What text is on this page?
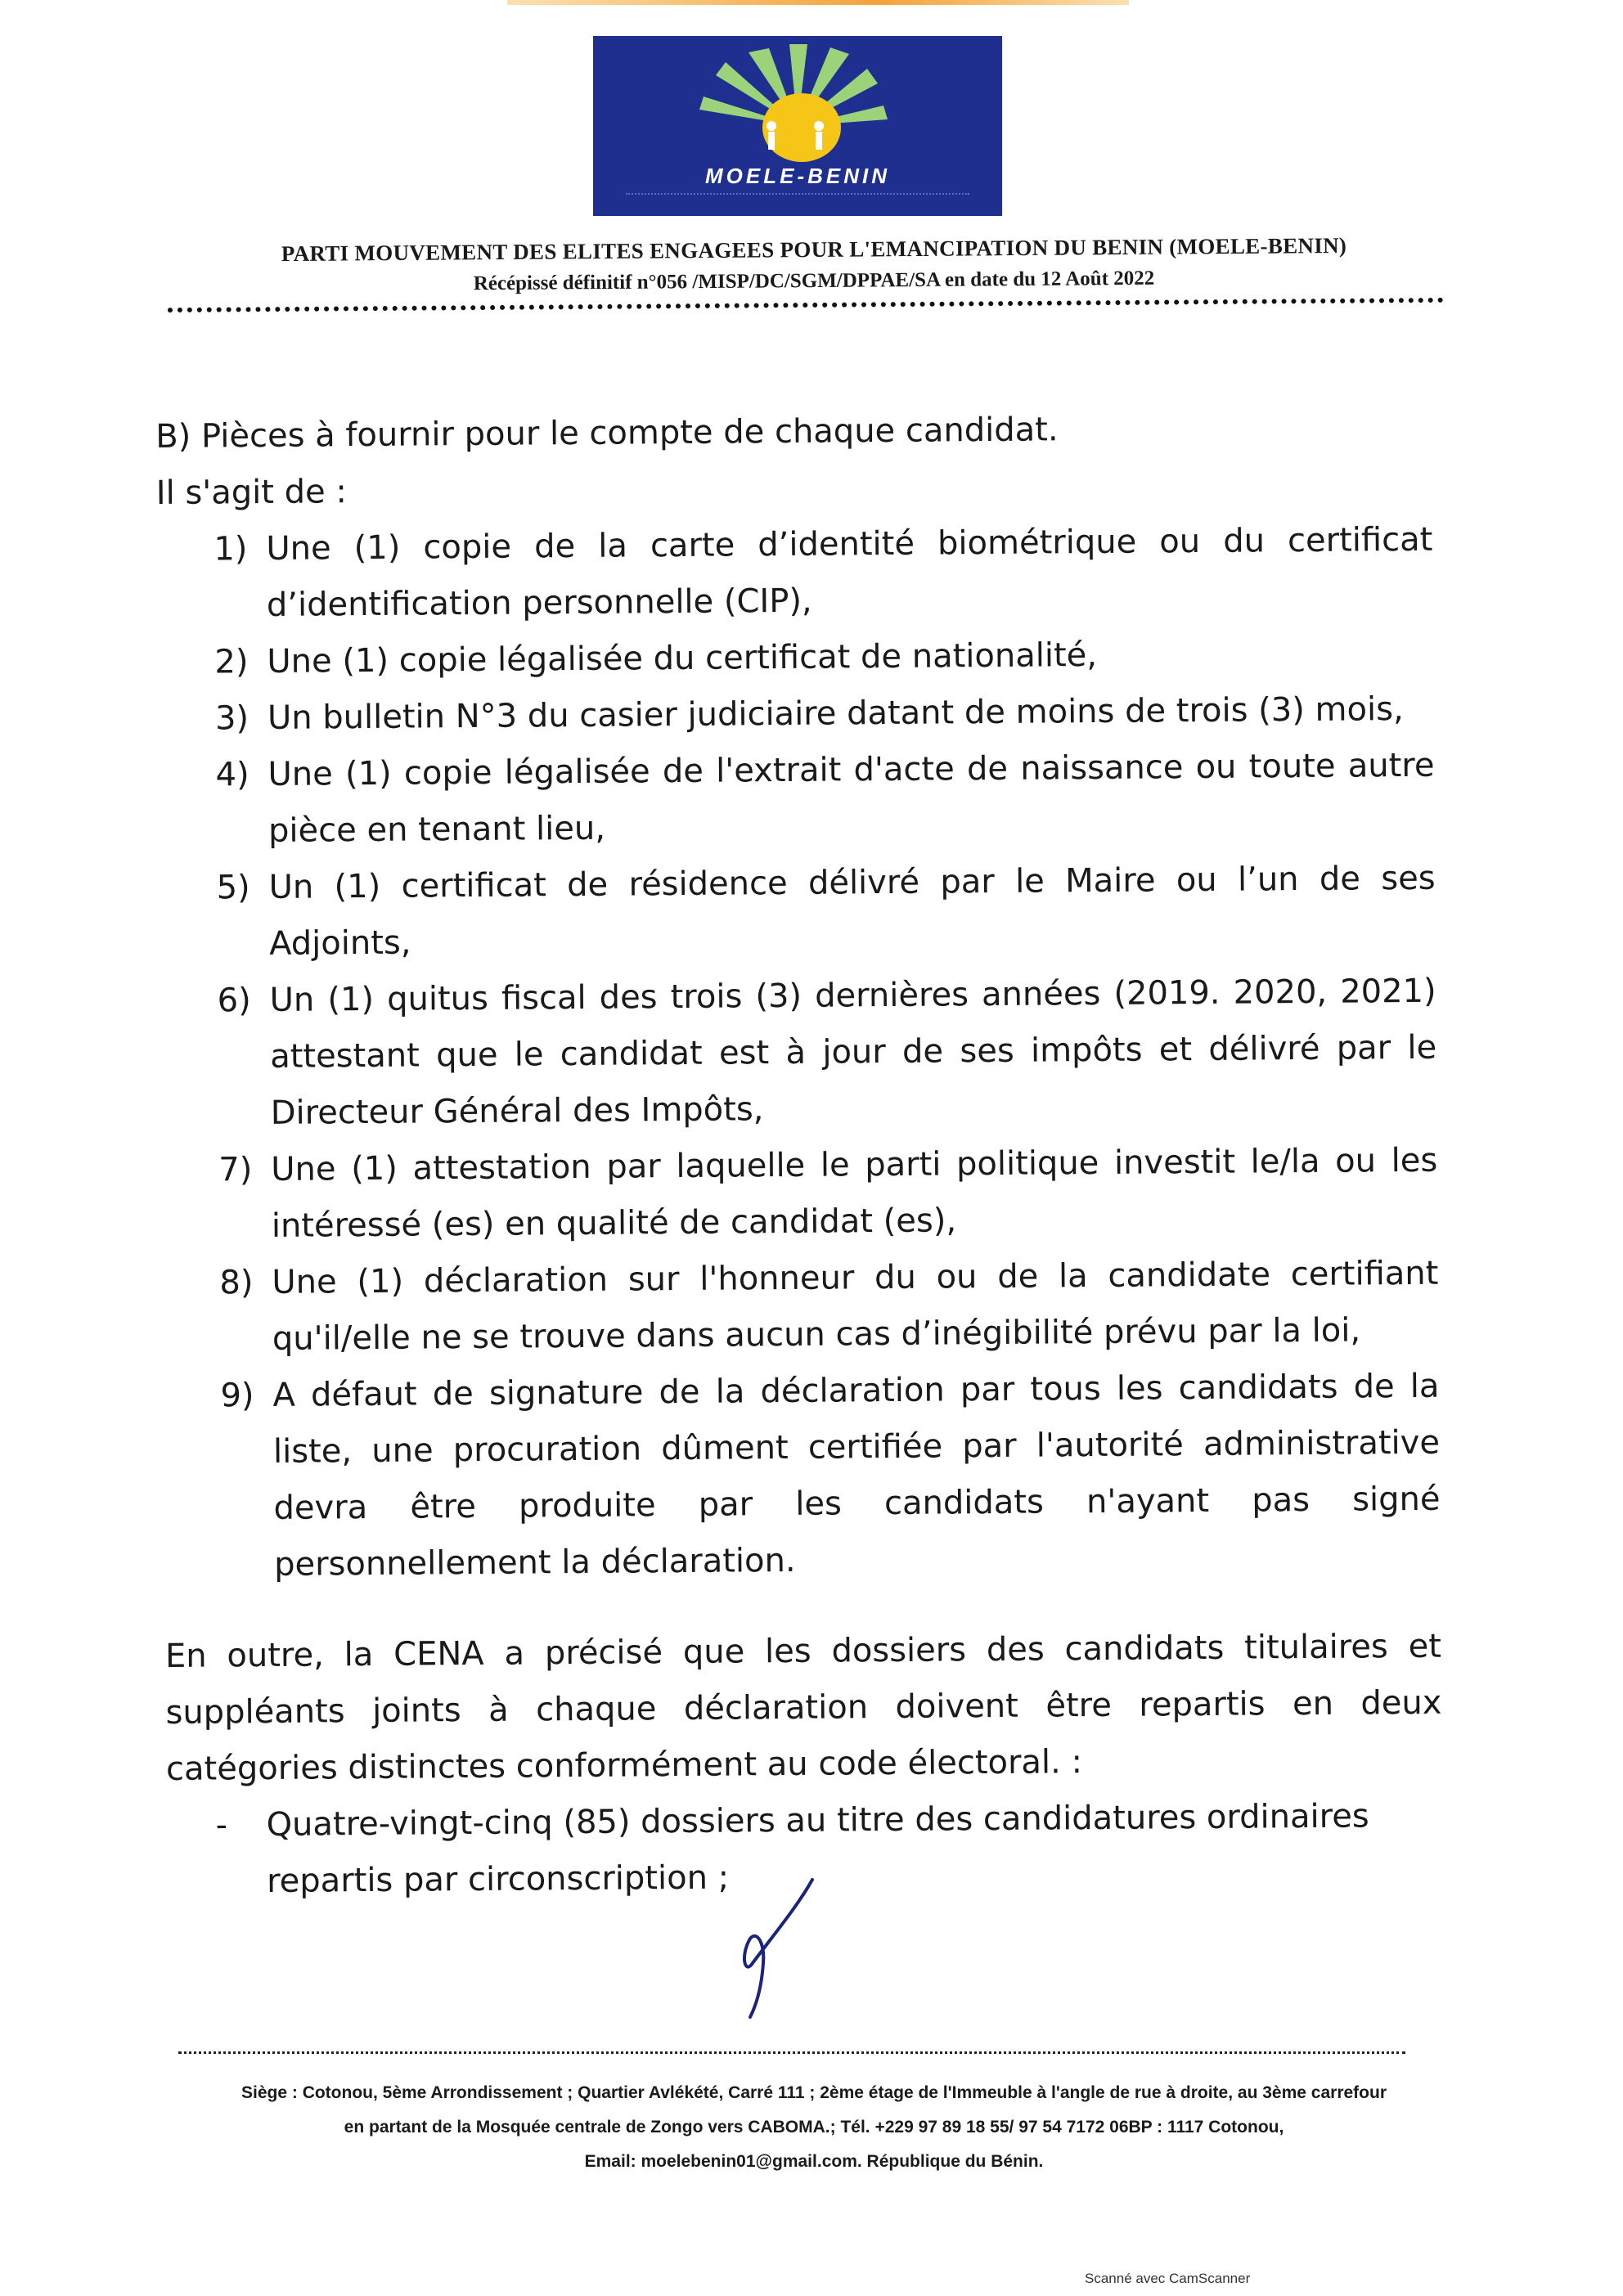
MOELE-BENIN
PARTI MOUVEMENT DES ELITES ENGAGEES POUR L'EMANCIPATION DU BENIN (MOELE-BENIN)
Récépissé définitif n°056 /MISP/DC/SGM/DPPAE/SA en date du 12 Août 2022

B) Pièces à fournir pour le compte de chaque candidat.

Il s'agit de :

1) Une (1) copie de la carte d’identité biométrique ou du certificat d’identification personnelle (CIP),
2) Une (1) copie légalisée du certificat de nationalité,
3) Un bulletin N°3 du casier judiciaire datant de moins de trois (3) mois,
4) Une (1) copie légalisée de l'extrait d'acte de naissance ou toute autre pièce en tenant lieu,
5) Un (1) certificat de résidence délivré par le Maire ou l’un de ses Adjoints,
6) Un (1) quitus fiscal des trois (3) dernières années (2019. 2020, 2021) attestant que le candidat est à jour de ses impôts et délivré par le Directeur Général des Impôts,
7) Une (1) attestation par laquelle le parti politique investit le/la ou les intéressé (es) en qualité de candidat (es),
8) Une (1) déclaration sur l'honneur du ou de la candidate certifiant qu'il/elle ne se trouve dans aucun cas d’inégibilité prévu par la loi,
9) A défaut de signature de la déclaration par tous les candidats de la liste, une procuration dûment certifiée par l'autorité administrative devra être produite par les candidats n'ayant pas signé personnellement la déclaration.

En outre, la CENA a précisé que les dossiers des candidats titulaires et suppléants joints à chaque déclaration doivent être repartis en deux catégories distinctes conformément au code électoral. :

- Quatre-vingt-cinq (85) dossiers au titre des candidatures ordinaires repartis par circonscription ;

Siège : Cotonou, 5ème Arrondissement ; Quartier Avlékété, Carré 111 ; 2ème étage de l'Immeuble à l'angle de rue à droite, au 3ème carrefour

en partant de la Mosquée centrale de Zongo vers CABOMA.; Tél. +229 97 89 18 55/ 97 54 7172 06BP : 1117 Cotonou,

Email: moelebenin01@gmail.com. République du Bénin.

Scanné avec CamScanner
